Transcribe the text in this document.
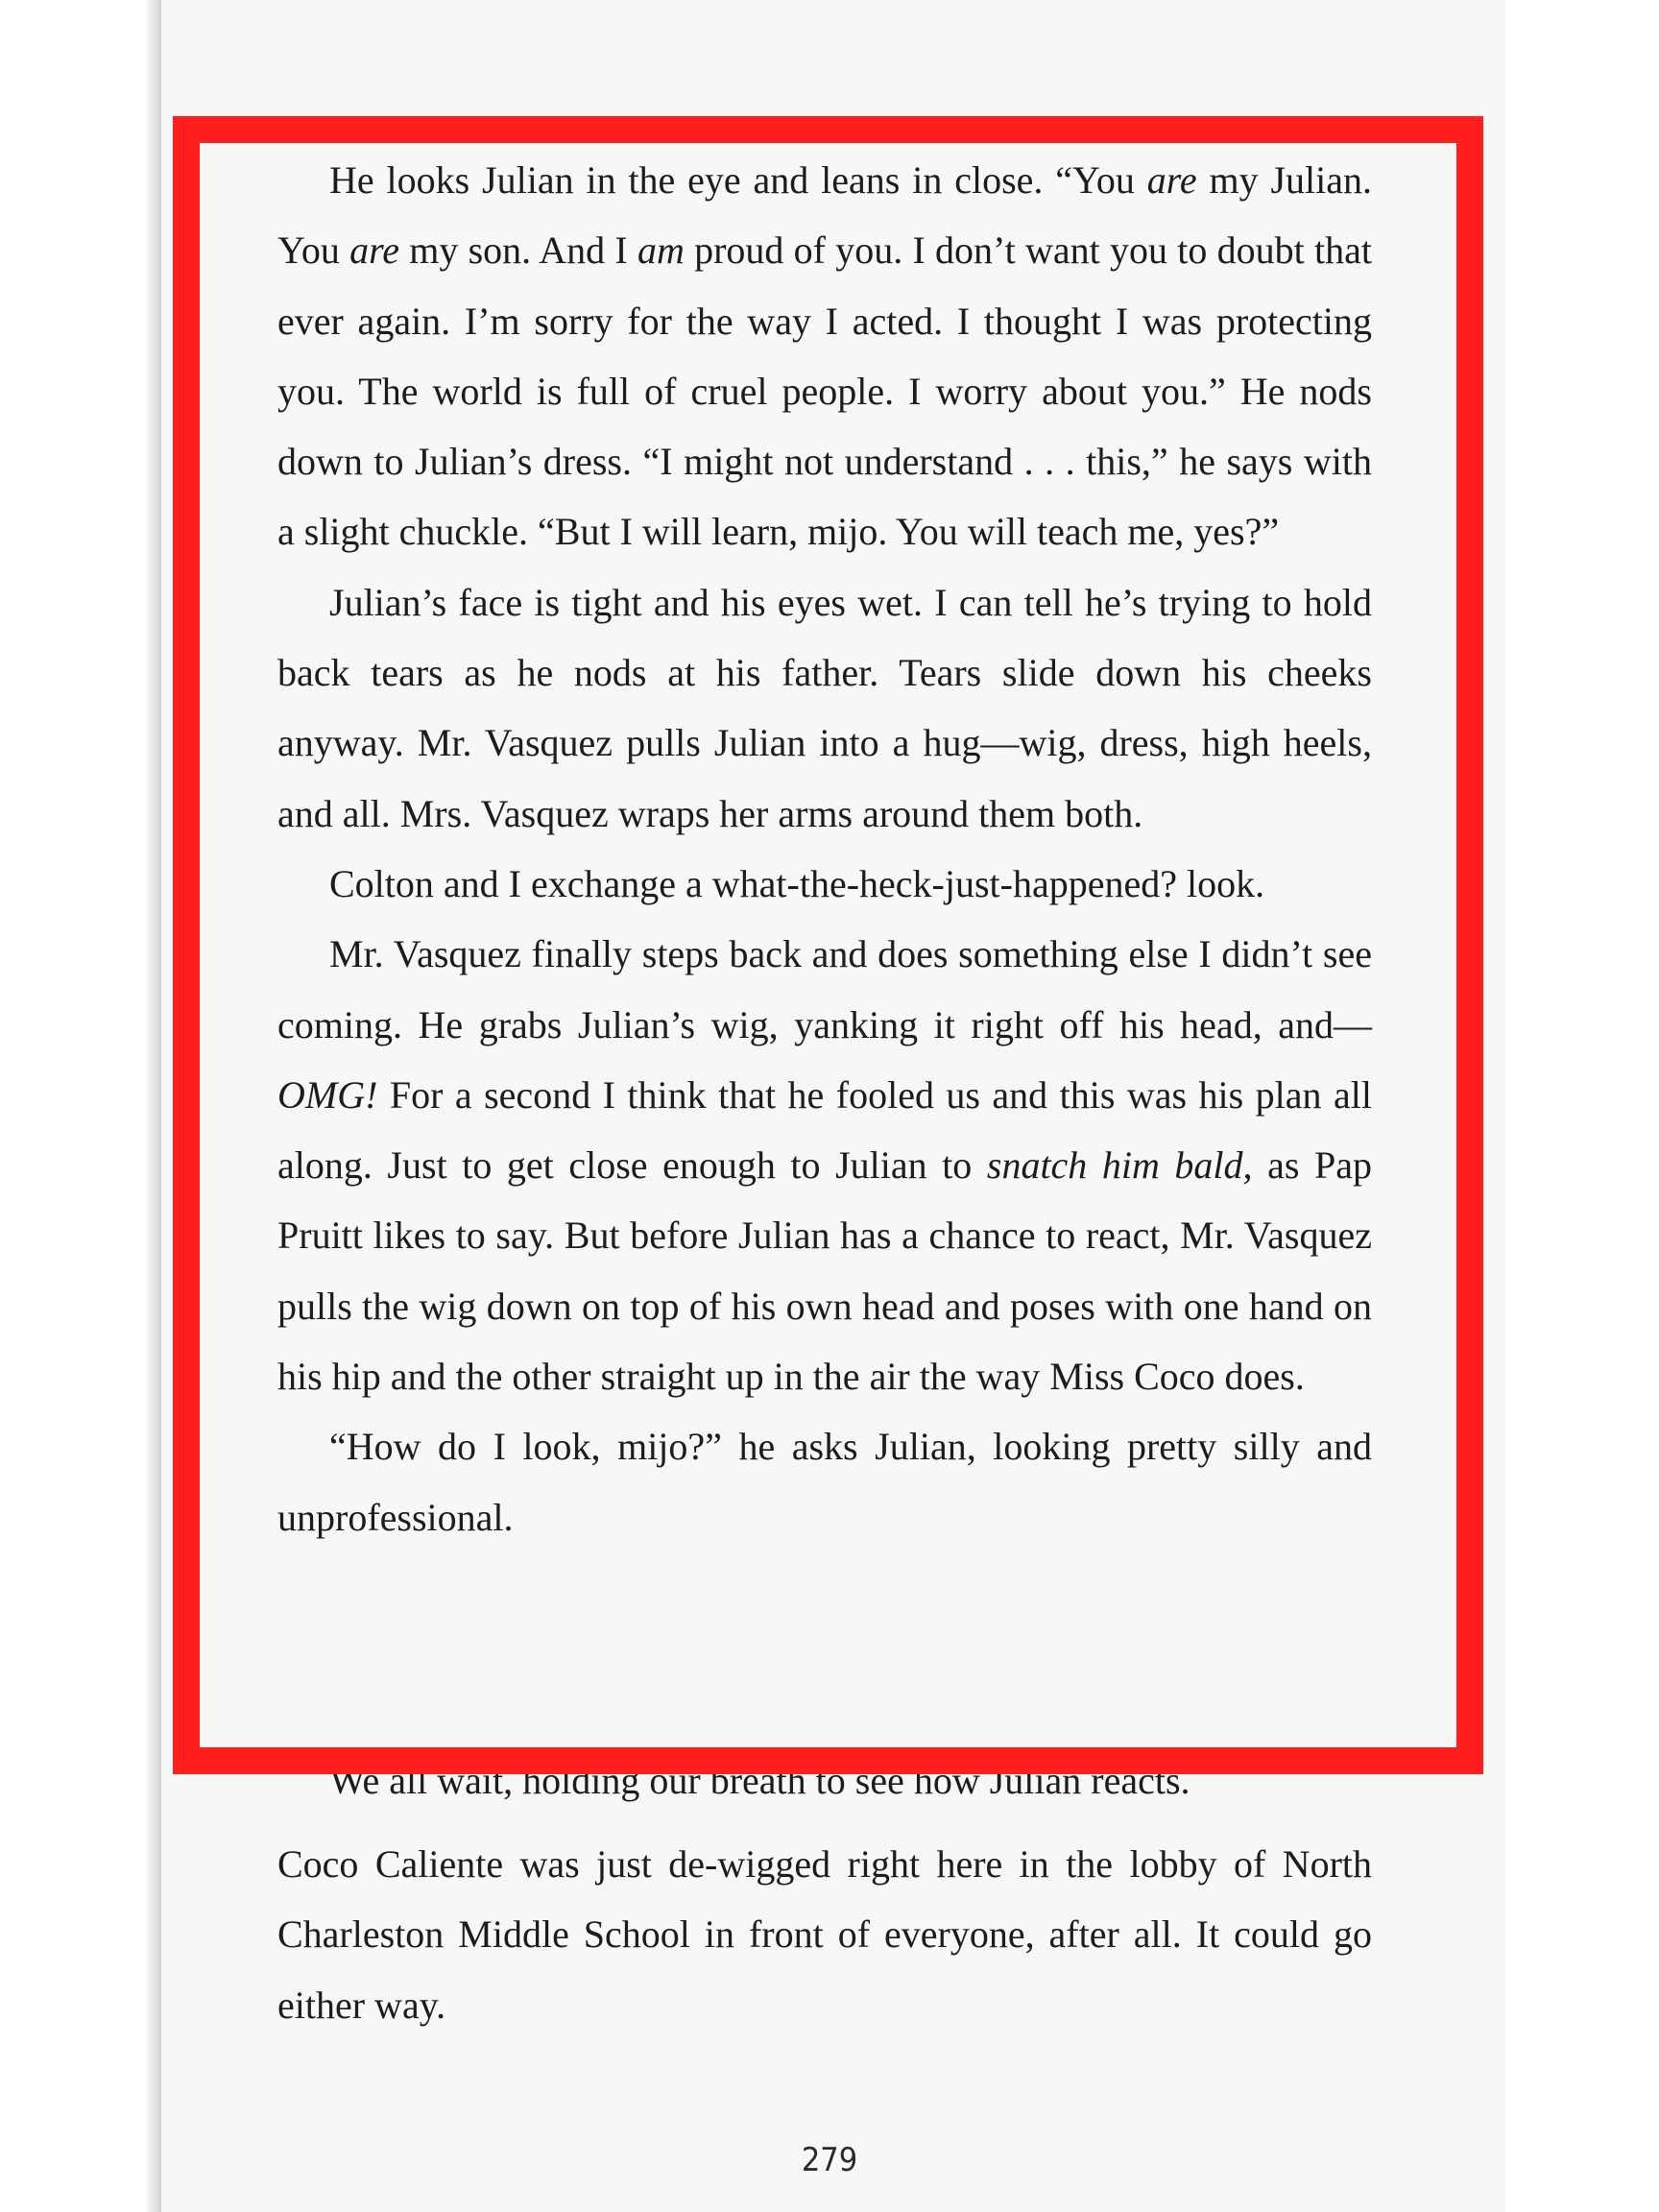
He looks Julian in the eye and leans in close. “You are my Julian. You are my son. And I am proud of you. I don’t want you to doubt that ever again. I’m sorry for the way I acted. I thought I was protecting you. The world is full of cruel people. I worry about you.” He nods down to Julian’s dress. “I might not understand . . . this,” he says with a slight chuckle. “But I will learn, mijo. You will teach me, yes?”

Julian’s face is tight and his eyes wet. I can tell he’s trying to hold back tears as he nods at his father. Tears slide down his cheeks anyway. Mr. Vasquez pulls Julian into a hug—wig, dress, high heels, and all. Mrs. Vasquez wraps her arms around them both.

Colton and I exchange a what-the-heck-just-happened? look.

Mr. Vasquez finally steps back and does something else I didn’t see coming. He grabs Julian’s wig, yanking it right off his head, and—OMG! For a second I think that he fooled us and this was his plan all along. Just to get close enough to Julian to snatch him bald, as Pap Pruitt likes to say. But before Julian has a chance to react, Mr. Vasquez pulls the wig down on top of his own head and poses with one hand on his hip and the other straight up in the air the way Miss Coco does.

“How do I look, mijo?” he asks Julian, looking pretty silly and unprofessional.

We all wait, holding our breath to see how Julian reacts.

Coco Caliente was just de-wigged right here in the lobby of North Charleston Middle School in front of everyone, after all. It could go either way.

279
